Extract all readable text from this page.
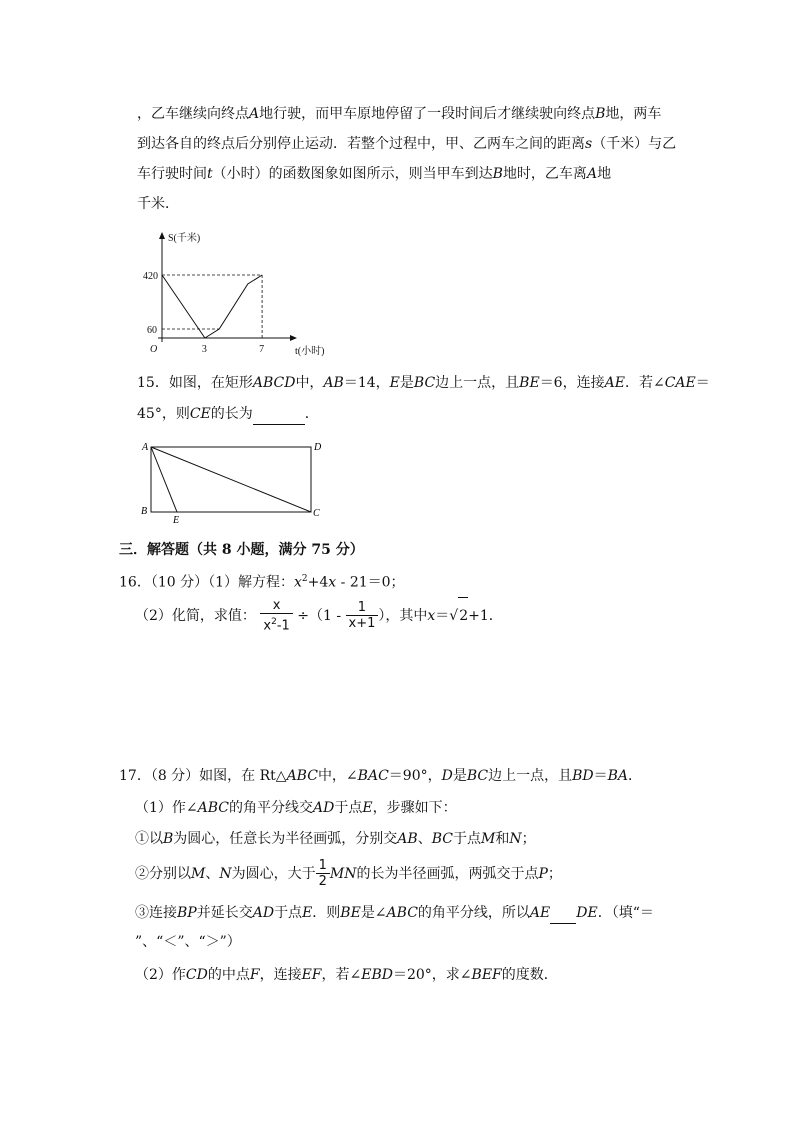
，乙车继续向终点A地行驶，而甲车原地停留了一段时间后才继续驶向终点B地，两车
到达各自的终点后分别停止运动．若整个过程中，甲、乙两车之间的距离s（千米）与乙
车行驶时间t（小时）的函数图象如图所示，则当甲车到达B地时，乙车离A地
千米．
S(千米)
t(小时)
O
420
60
3	7
15．如图，在矩形ABCD中，AB＝14，E是BC边上一点，且BE＝6，连接AE．若∠CAE＝
45°，则CE的长为	．
A	D
B	C
E
三．解答题（共 8 小题，满分 75 分）
16．（10 分）（1）解方程：$x^2+4x - 21=0$；
（2）化简，求值： $\frac{x}{x^2-1} \div(1 - \frac{1}{x+1}$ ），其中x＝√2+1．
17．（8 分）如图，在 Rt△ABC中，∠BAC＝90°，D是BC边上一点，且BD＝BA．
（1）作∠ABC的角平分线交AD于点E，步骤如下：
①以B为圆心，任意长为半径画弧，分别交AB、BC于点M和N；
②分别以M、N为圆心，大于 $\frac{1}{2}$ MN的长为半径画弧，两弧交于点P；
③连接BP并延长交AD于点E．则BE是∠ABC的角平分线，所以AE DE．（填“＝
”、“＜”、“＞”）
（2）作CD的中点F，连接EF，若∠EBD＝20°，求∠BEF的度数．
